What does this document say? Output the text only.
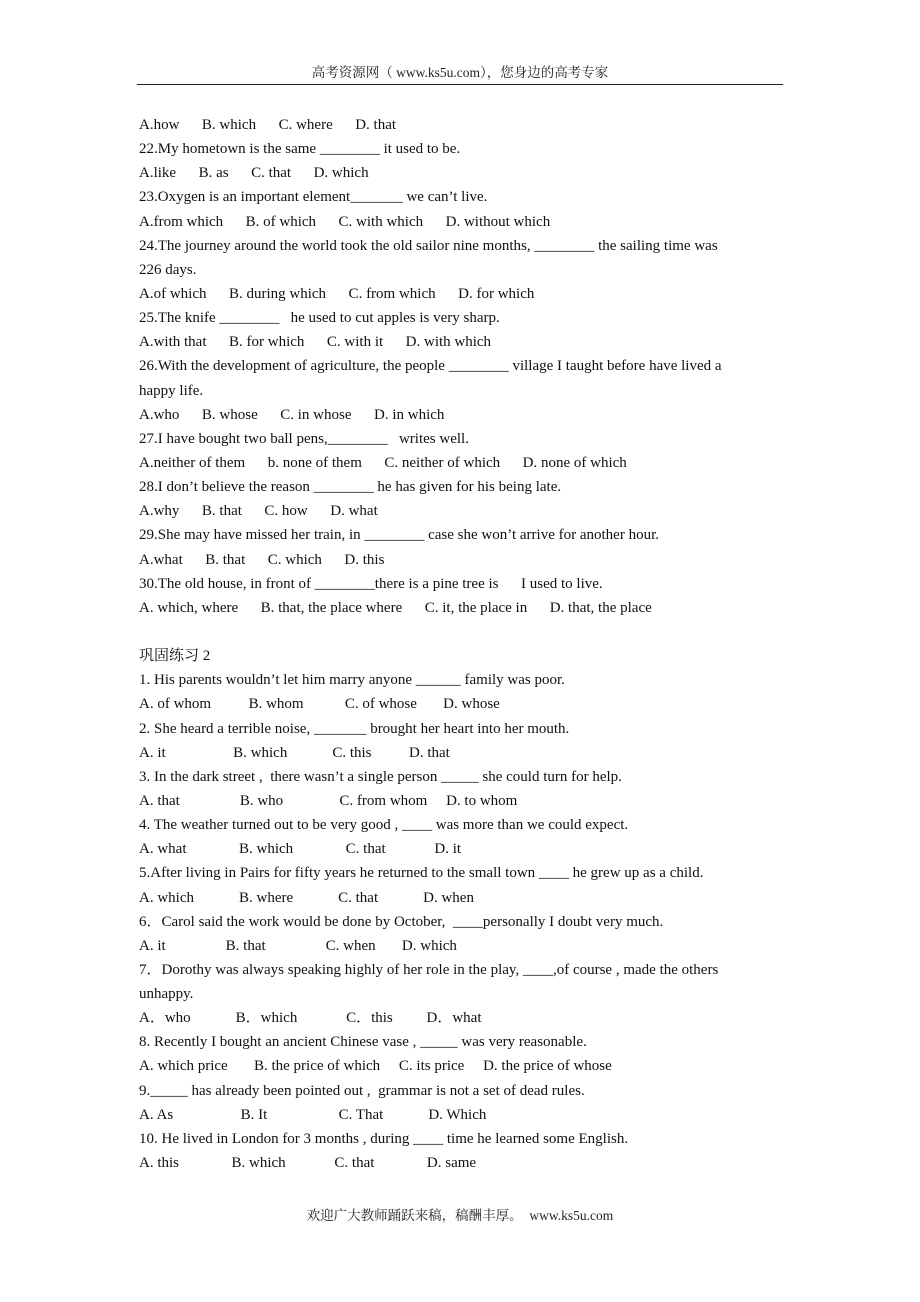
高考资源网（ www.ks5u.com），您身边的高考专家
A.how      B. which      C. where      D. that
22.My hometown is the same ________ it used to be.
A.like      B. as      C. that      D. which
23.Oxygen is an important element_______ we can’t live.
A.from which      B. of which      C. with which      D. without which
24.The journey around the world took the old sailor nine months, ________ the sailing time was
226 days.
A.of which      B. during which      C. from which      D. for which
25.The knife ________   he used to cut apples is very sharp.
A.with that      B. for which      C. with it      D. with which
26.With the development of agriculture, the people ________ village I taught before have lived a
happy life.
A.who      B. whose      C. in whose      D. in which
27.I have bought two ball pens,________   writes well.
A.neither of them      b. none of them      C. neither of which      D. none of which
28.I don’t believe the reason ________ he has given for his being late.
A.why      B. that      C. how      D. what
29.She may have missed her train, in ________ case she won’t arrive for another hour.
A.what      B. that      C. which      D. this
30.The old house, in front of ________there is a pine tree is      I used to live.
A. which, where      B. that, the place where      C. it, the place in      D. that, the place
巩固练习 2
1. His parents wouldn’t let him marry anyone ______ family was poor.
A. of whom          B. whom           C. of whose       D. whose
2. She heard a terrible noise, _______ brought her heart into her mouth.
A. it                  B. which            C. this          D. that
3. In the dark street ,  there wasn’t a single person _____ she could turn for help.
A. that                B. who               C. from whom     D. to whom
4. The weather turned out to be very good , ____ was more than we could expect.
A. what              B. which              C. that             D. it
5.After living in Pairs for fifty years he returned to the small town ____ he grew up as a child.
A. which            B. where            C. that            D. when
6．Carol said the work would be done by October,  ____personally I doubt very much.
A. it                B. that                C. when       D. which
7．Dorothy was always speaking highly of her role in the play, ____,of course , made the others
unhappy.
A．who            B．which             C．this         D．what
8. Recently I bought an ancient Chinese vase , _____ was very reasonable.
A. which price       B. the price of which     C. its price     D. the price of whose
9._____ has already been pointed out ,  grammar is not a set of dead rules.
A. As                  B. It                   C. That            D. Which
10. He lived in London for 3 months , during ____ time he learned some English.
A. this              B. which             C. that              D. same
欢迎广大教师踊跃来稿，稿酬丰厚。  www.ks5u.com
